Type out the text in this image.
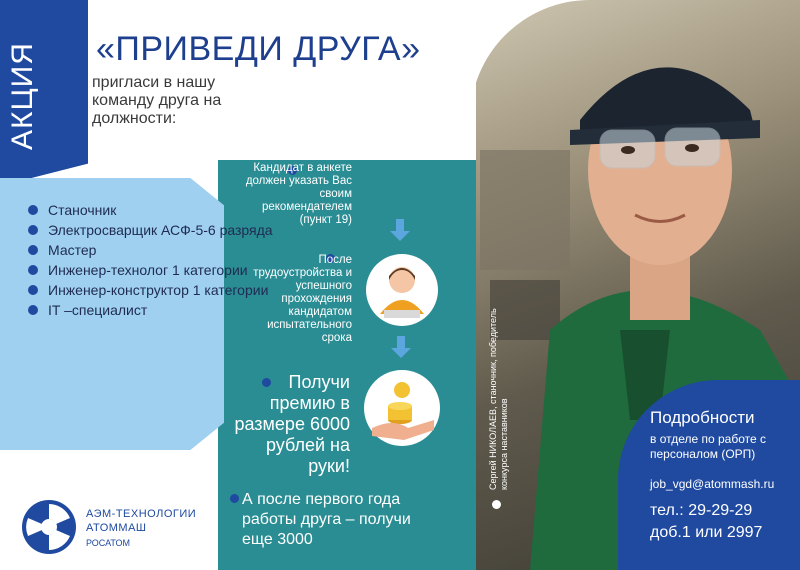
АКЦИЯ «ПРИВЕДИ ДРУГА»
пригласи в нашу команду друга на должности:
Станочник
Электросварщик АСФ-5-6 разряда
Мастер
Инженер-технолог 1 категории
Инженер-конструктор 1 категории
IT –специалист
Кандидат в анкете должен указать Вас своим рекомендателем (пункт 19)
После трудоустройства и успешного прохождения кандидатом испытательного срока
Получи премию в размере 6000 рублей на руки!
А после первого года работы друга – получи еще 3000
АЭМ-ТЕХНОЛОГИИ
АТОММАШ
РОСАТОМ
Сергей НИКОЛАЕВ, станочник, победитель конкурса наставников	Подробности
в отделе по работе с персоналом (ОРП)
job_vgd@atommash.ru
тел.: 29-29-29
доб.1 или 2997
